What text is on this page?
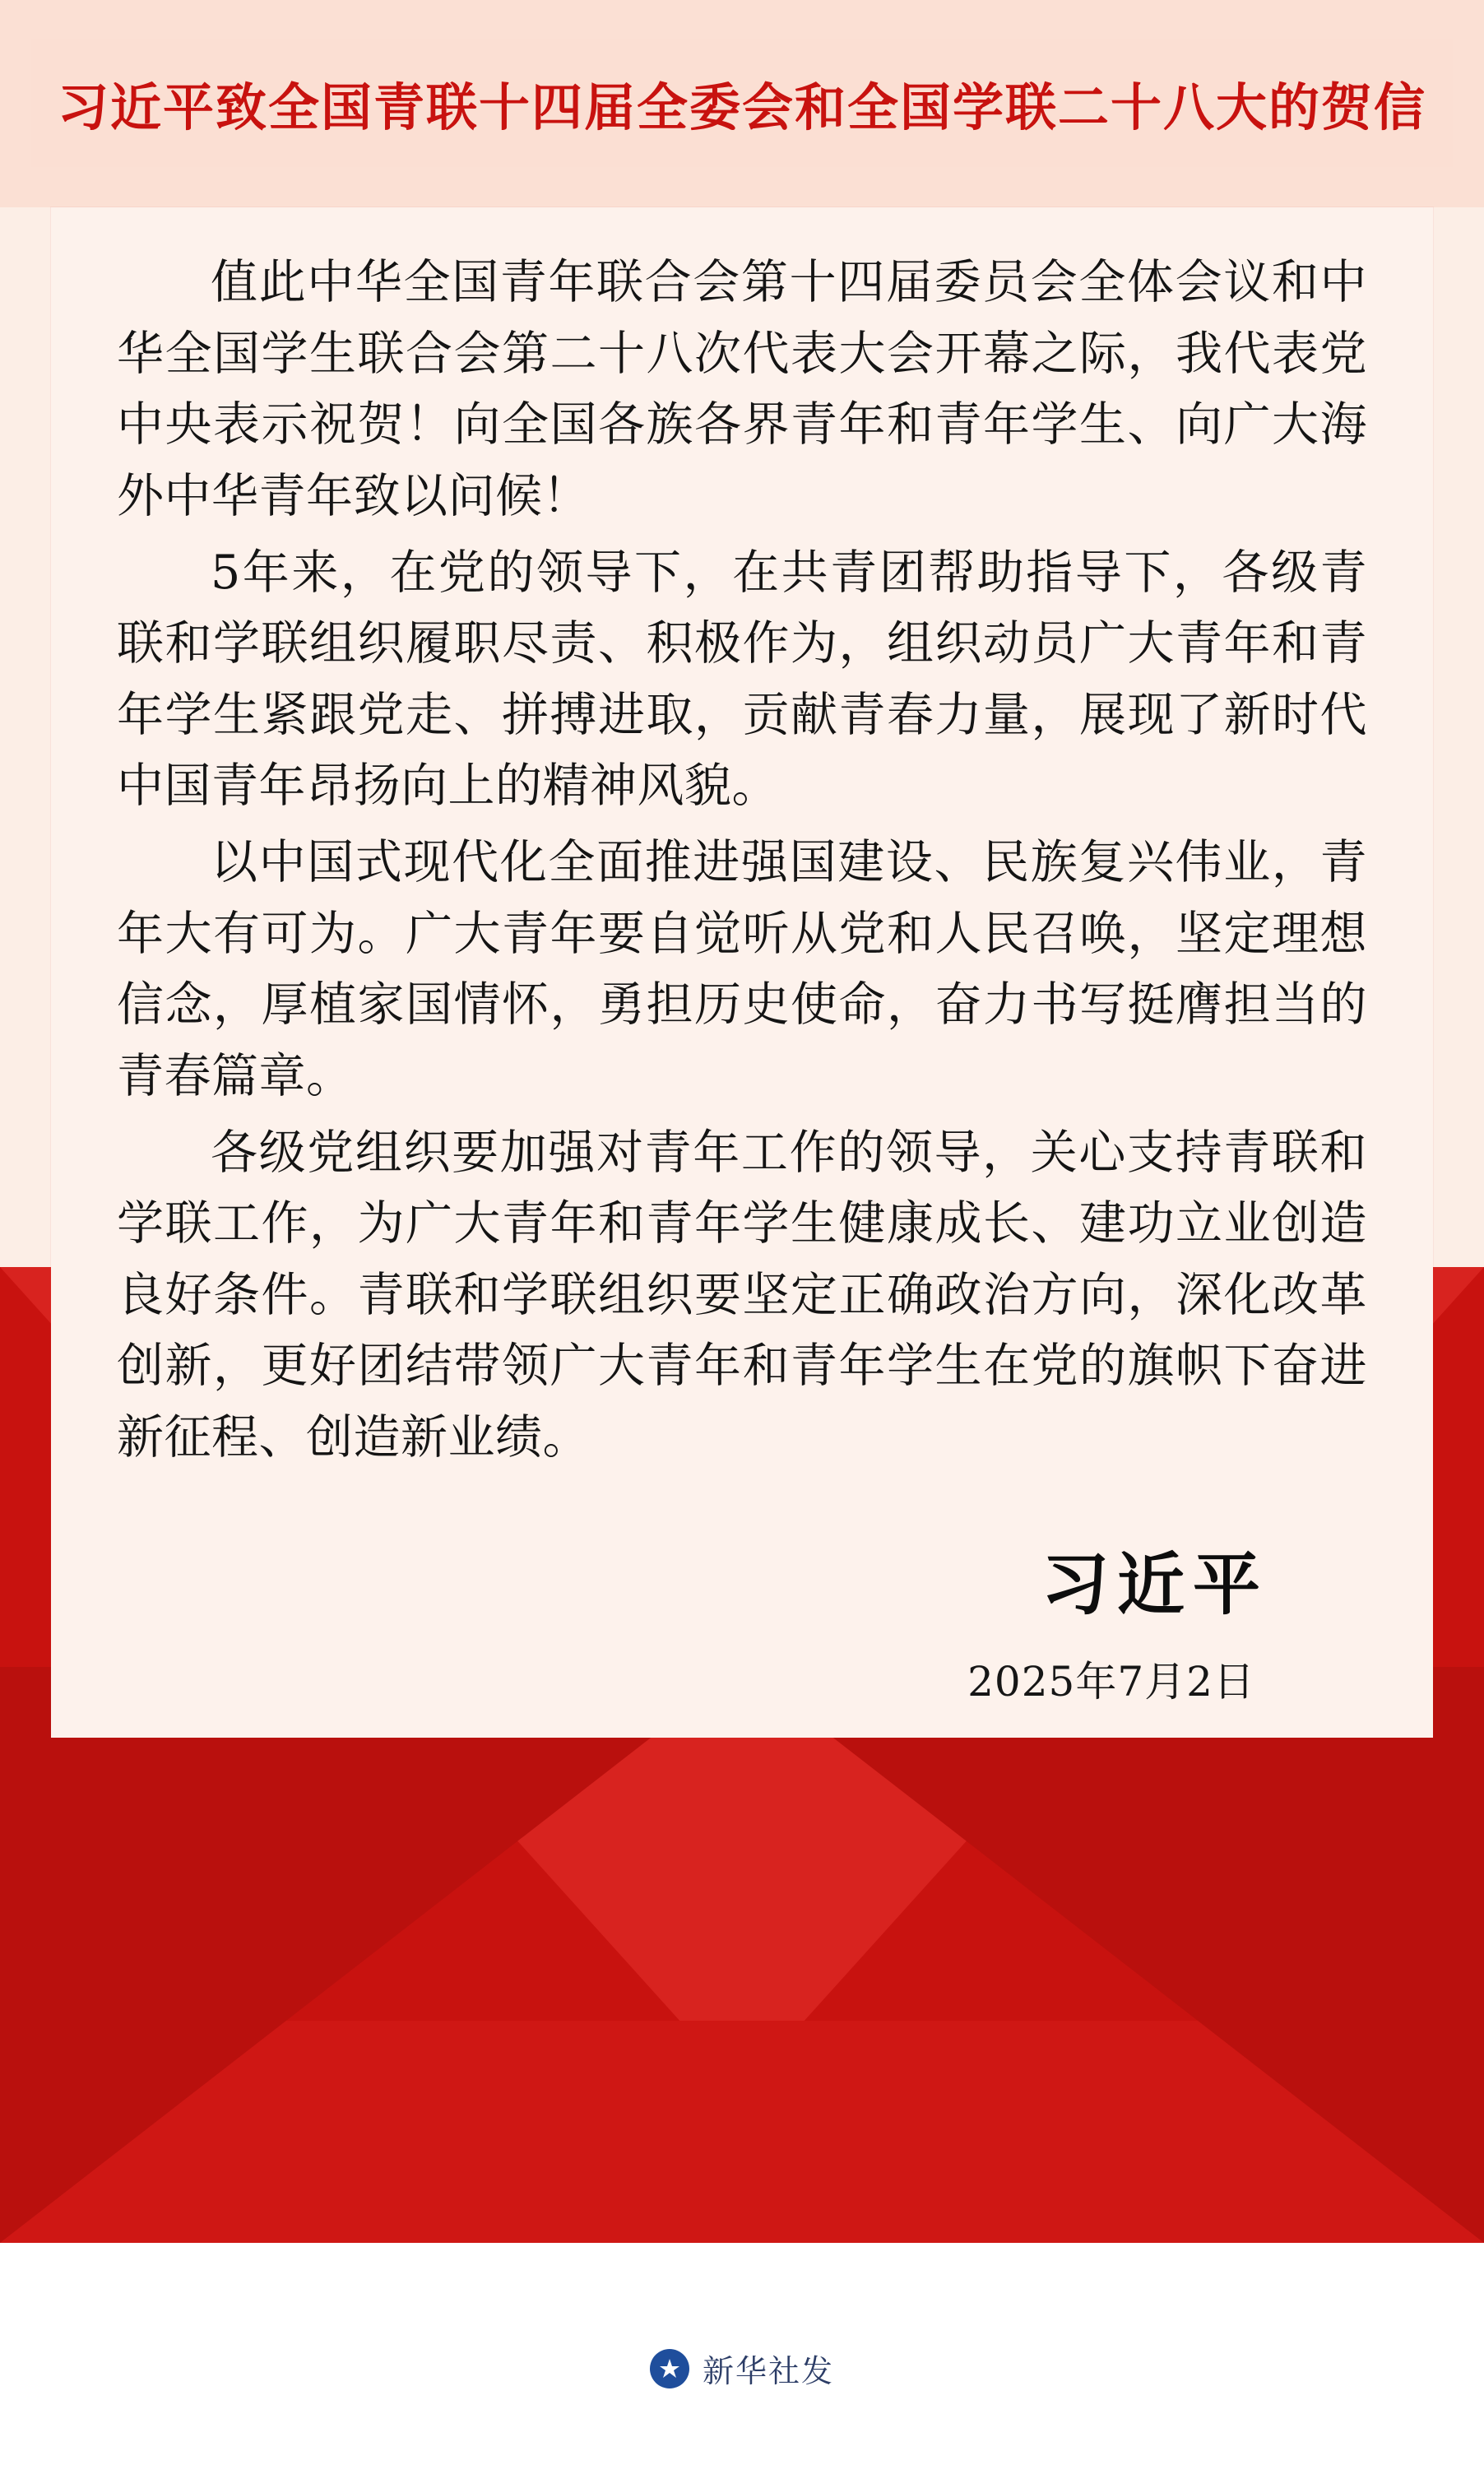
习近平致全国青联十四届全委会和全国学联二十八大的贺信

值此中华全国青年联合会第十四届委员会全体会议和中华全国学生联合会第二十八次代表大会开幕之际，我代表党中央表示祝贺！向全国各族各界青年和青年学生、向广大海外中华青年致以问候！

5年来，在党的领导下，在共青团帮助指导下，各级青联和学联组织履职尽责、积极作为，组织动员广大青年和青年学生紧跟党走、拼搏进取，贡献青春力量，展现了新时代中国青年昂扬向上的精神风貌。

以中国式现代化全面推进强国建设、民族复兴伟业，青年大有可为。广大青年要自觉听从党和人民召唤，坚定理想信念，厚植家国情怀，勇担历史使命，奋力书写挺膺担当的青春篇章。

各级党组织要加强对青年工作的领导，关心支持青联和学联工作，为广大青年和青年学生健康成长、建功立业创造良好条件。青联和学联组织要坚定正确政治方向，深化改革创新，更好团结带领广大青年和青年学生在党的旗帜下奋进新征程、创造新业绩。

习近平
2025年7月2日
新华社发
